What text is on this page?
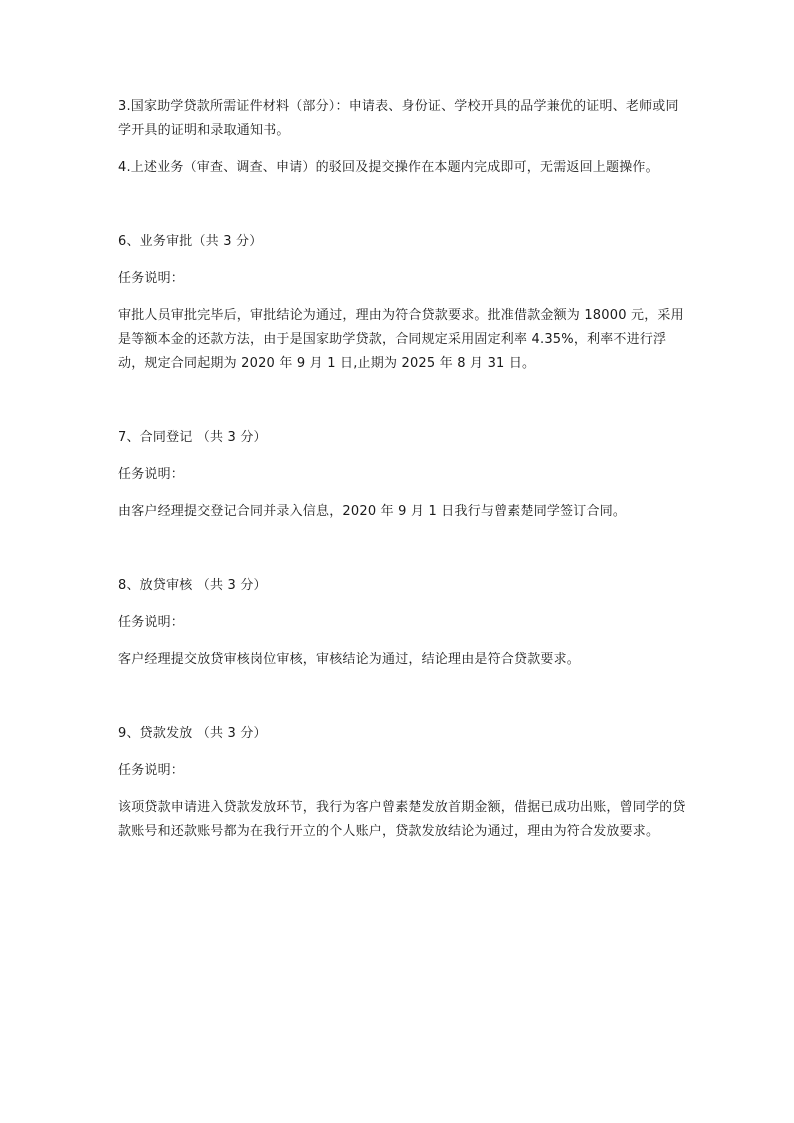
3.国家助学贷款所需证件材料（部分）：申请表、身份证、学校开具的品学兼优的证明、老师或同学开具的证明和录取通知书。

4.上述业务（审查、调查、申请）的驳回及提交操作在本题内完成即可，无需返回上题操作。

6、业务审批（共 3 分）

任务说明：

审批人员审批完毕后，审批结论为通过，理由为符合贷款要求。批准借款金额为 18000 元，采用是等额本金的还款方法，由于是国家助学贷款，合同规定采用固定利率 4.35%，利率不进行浮动，规定合同起期为 2020 年 9 月 1 日,止期为 2025 年 8 月 31 日。

7、合同登记 （共 3 分）

任务说明：

由客户经理提交登记合同并录入信息，2020 年 9 月 1 日我行与曾素楚同学签订合同。

8、放贷审核 （共 3 分）

任务说明：

客户经理提交放贷审核岗位审核，审核结论为通过，结论理由是符合贷款要求。

9、贷款发放 （共 3 分）

任务说明：

该项贷款申请进入贷款发放环节，我行为客户曾素楚发放首期金额，借据已成功出账，曾同学的贷款账号和还款账号都为在我行开立的个人账户，贷款发放结论为通过，理由为符合发放要求。
